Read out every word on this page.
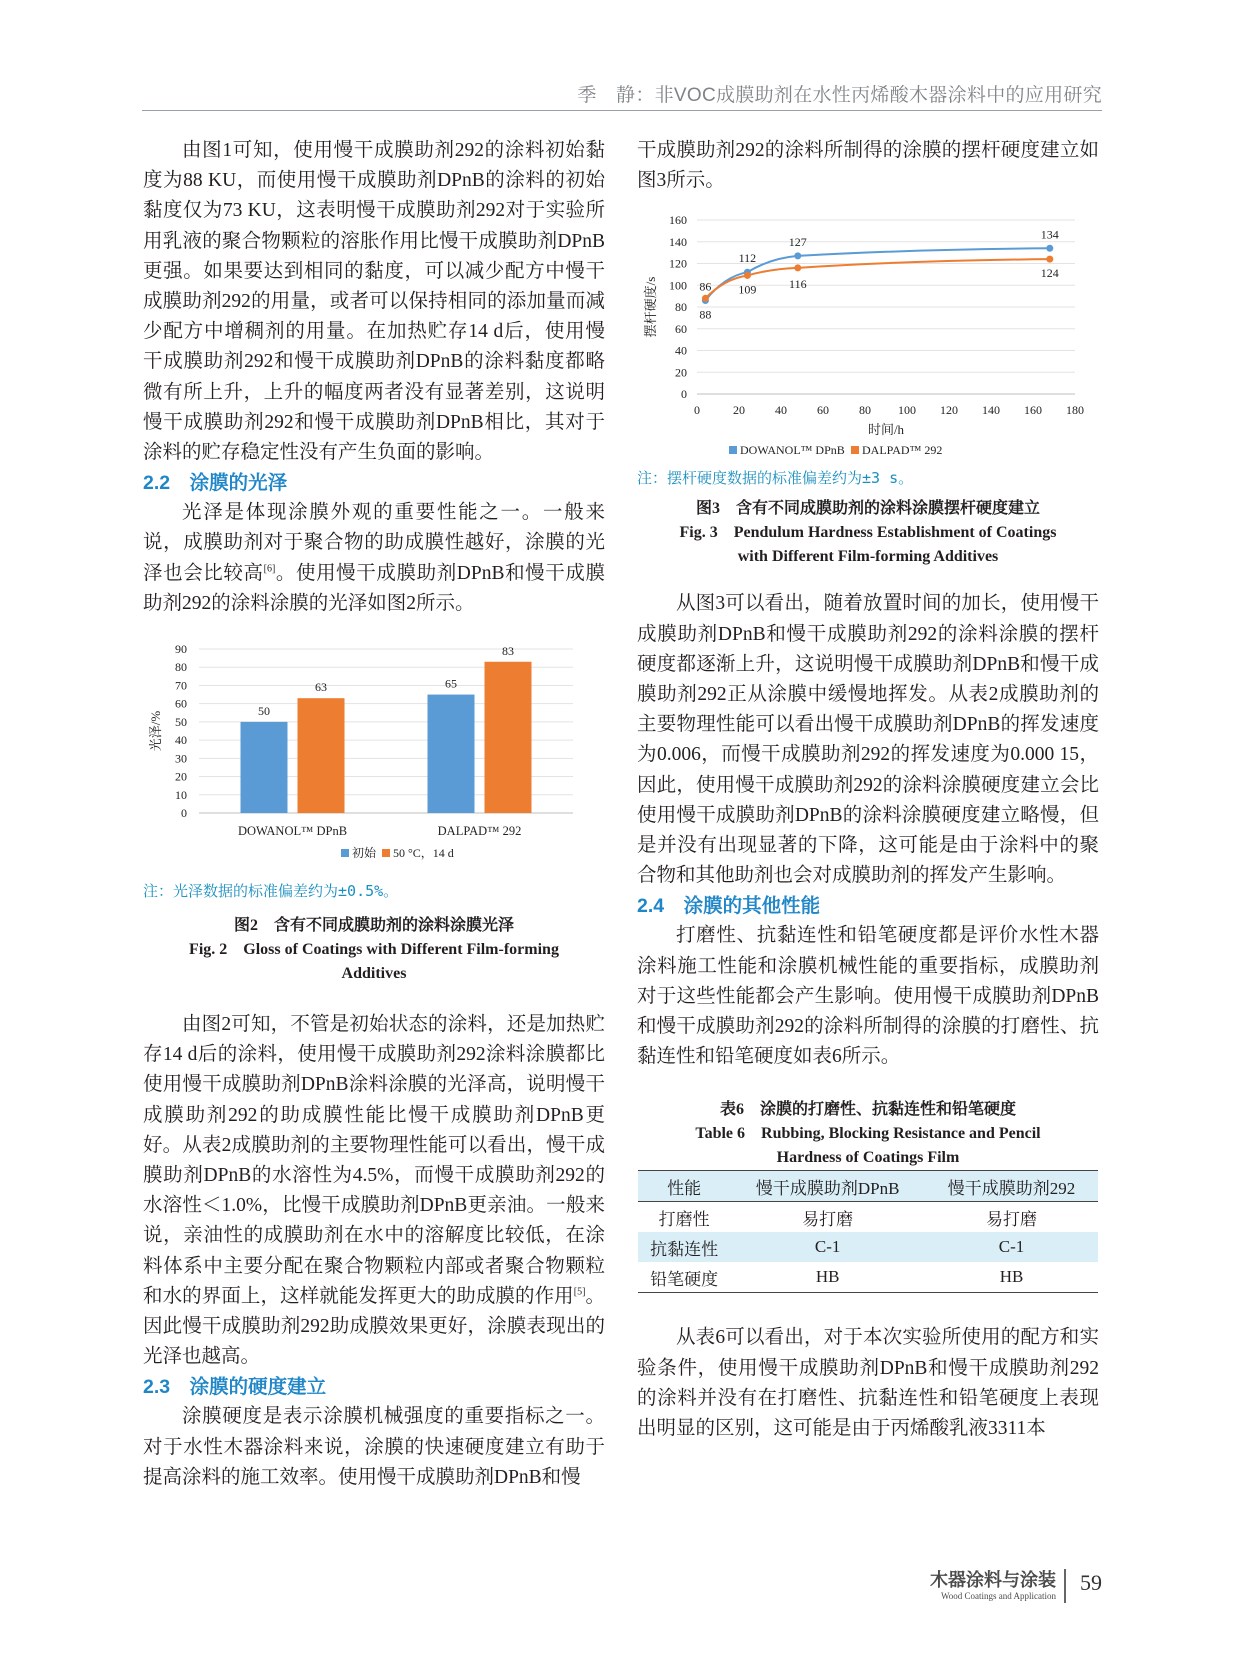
季　静：非VOC成膜助剂在水性丙烯酸木器涂料中的应用研究

由图1可知，使用慢干成膜助剂292的涂料初始黏度为88 KU，而使用慢干成膜助剂DPnB的涂料的初始黏度仅为73 KU，这表明慢干成膜助剂292对于实验所用乳液的聚合物颗粒的溶胀作用比慢干成膜助剂DPnB更强。如果要达到相同的黏度，可以减少配方中慢干成膜助剂292的用量，或者可以保持相同的添加量而减少配方中增稠剂的用量。在加热贮存14 d后，使用慢干成膜助剂292和慢干成膜助剂DPnB的涂料黏度都略微有所上升，上升的幅度两者没有显著差别，这说明慢干成膜助剂292和慢干成膜助剂DPnB相比，其对于涂料的贮存稳定性没有产生负面的影响。

2.2　涂膜的光泽

光泽是体现涂膜外观的重要性能之一。一般来说，成膜助剂对于聚合物的助成膜性越好，涂膜的光泽也会比较高[6]。使用慢干成膜助剂DPnB和慢干成膜助剂292的涂料涂膜的光泽如图2所示。

0
10
20
30
40
50
60
70
80
90
光泽/%	50
63
DOWANOL™ DPnB
65
83
DALPAD™ 292
初始 50 °C，14 d

注：光泽数据的标准偏差约为±0.5%。

图2　含有不同成膜助剂的涂料涂膜光泽

Fig. 2　Gloss of Coatings with Different Film-forming

Additives

由图2可知，不管是初始状态的涂料，还是加热贮存14 d后的涂料，使用慢干成膜助剂292涂料涂膜都比使用慢干成膜助剂DPnB涂料涂膜的光泽高，说明慢干成膜助剂292的助成膜性能比慢干成膜助剂DPnB更好。从表2成膜助剂的主要物理性能可以看出，慢干成膜助剂DPnB的水溶性为4.5%，而慢干成膜助剂292的水溶性＜1.0%，比慢干成膜助剂DPnB更亲油。一般来说，亲油性的成膜助剂在水中的溶解度比较低，在涂料体系中主要分配在聚合物颗粒内部或者聚合物颗粒和水的界面上，这样就能发挥更大的助成膜的作用[5]。因此慢干成膜助剂292助成膜效果更好，涂膜表现出的光泽也越高。

2.3　涂膜的硬度建立

涂膜硬度是表示涂膜机械强度的重要指标之一。对于水性木器涂料来说，涂膜的快速硬度建立有助于提高涂料的施工效率。使用慢干成膜助剂DPnB和慢

干成膜助剂292的涂料所制得的涂膜的摆杆硬度建立如图3所示。

0
20
40
60
80
100
120
140
160
0	20	40	60	80 100 120 140 160 180
时间/h
摆杆硬度/s	86
112
127
134
88
109	116
124
DOWANOL™ DPnB DALPAD™ 292

注：摆杆硬度数据的标准偏差约为±3 s。

图3　含有不同成膜助剂的涂料涂膜摆杆硬度建立

Fig. 3　Pendulum Hardness Establishment of Coatings

with Different Film-forming Additives

从图3可以看出，随着放置时间的加长，使用慢干成膜助剂DPnB和慢干成膜助剂292的涂料涂膜的摆杆硬度都逐渐上升，这说明慢干成膜助剂DPnB和慢干成膜助剂292正从涂膜中缓慢地挥发。从表2成膜助剂的主要物理性能可以看出慢干成膜助剂DPnB的挥发速度为0.006，而慢干成膜助剂292的挥发速度为0.000 15，因此，使用慢干成膜助剂292的涂料涂膜硬度建立会比使用慢干成膜助剂DPnB的涂料涂膜硬度建立略慢，但是并没有出现显著的下降，这可能是由于涂料中的聚合物和其他助剂也会对成膜助剂的挥发产生影响。

2.4　涂膜的其他性能

打磨性、抗黏连性和铅笔硬度都是评价水性木器涂料施工性能和涂膜机械性能的重要指标，成膜助剂对于这些性能都会产生影响。使用慢干成膜助剂DPnB和慢干成膜助剂292的涂料所制得的涂膜的打磨性、抗黏连性和铅笔硬度如表6所示。

表6　涂膜的打磨性、抗黏连性和铅笔硬度

Table 6　Rubbing, Blocking Resistance and Pencil

Hardness of Coatings Film

性能	慢干成膜助剂DPnB	慢干成膜助剂292
打磨性	易打磨	易打磨
抗黏连性	C-1	C-1
铅笔硬度	HB	HB

从表6可以看出，对于本次实验所使用的配方和实验条件，使用慢干成膜助剂DPnB和慢干成膜助剂292的涂料并没有在打磨性、抗黏连性和铅笔硬度上表现出明显的区别，这可能是由于丙烯酸乳液3311本

木器涂料与涂装
Wood Coatings and Application
59
